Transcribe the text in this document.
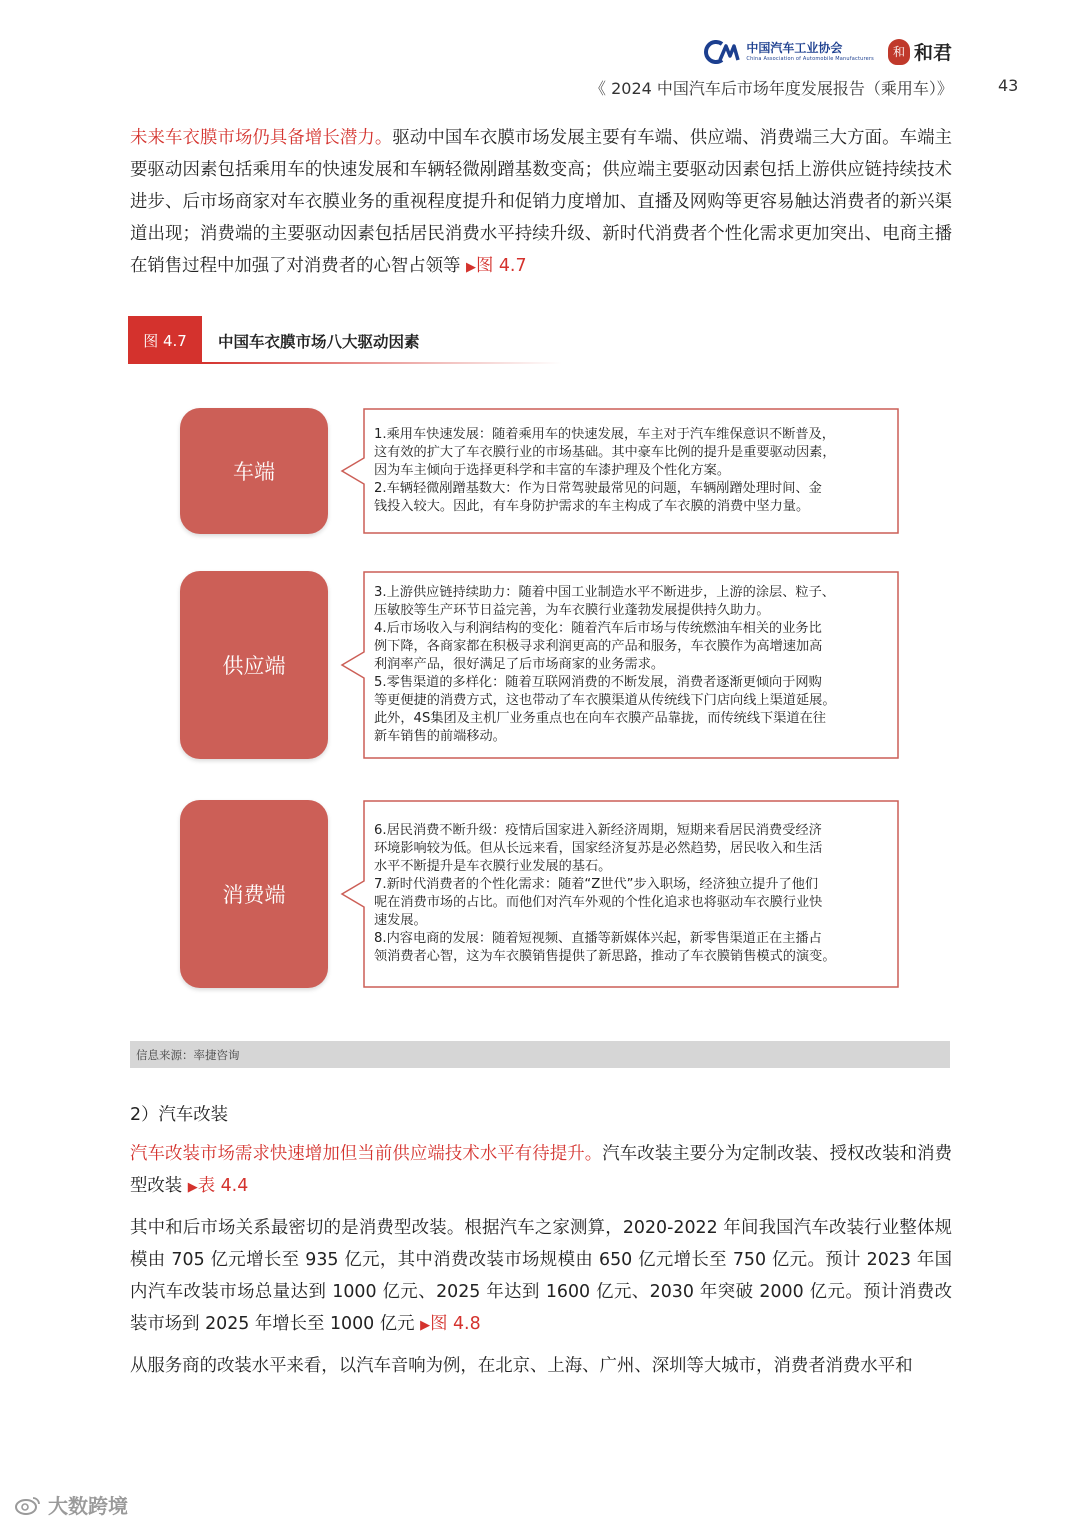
中国汽车工业协会
China Association of Automobile Manufacturers	和 和君
《 2024 中国汽车后市场年度发展报告（乘用车）》	43
未来车衣膜市场仍具备增长潜力。驱动中国车衣膜市场发展主要有车端、供应端、消费端三大方面。车端主要驱动因素包括乘用车的快速发展和车辆轻微剐蹭基数变高；供应端主要驱动因素包括上游供应链持续技术进步、后市场商家对车衣膜业务的重视程度提升和促销力度增加、直播及网购等更容易触达消费者的新兴渠道出现；消费端的主要驱动因素包括居民消费水平持续升级、新时代消费者个性化需求更加突出、电商主播在销售过程中加强了对消费者的心智占领等 ▶图 4.7
图 4.7	中国车衣膜市场八大驱动因素
车端
1.乘用车快速发展：随着乘用车的快速发展，车主对于汽车维保意识不断普及，
这有效的扩大了车衣膜行业的市场基础。其中豪车比例的提升是重要驱动因素，
因为车主倾向于选择更科学和丰富的车漆护理及个性化方案。
2.车辆轻微剐蹭基数大：作为日常驾驶最常见的问题，车辆剐蹭处理时间、金
钱投入较大。因此，有车身防护需求的车主构成了车衣膜的消费中坚力量。
供应端
3.上游供应链持续助力：随着中国工业制造水平不断进步，上游的涂层、粒子、
压敏胶等生产环节日益完善，为车衣膜行业蓬勃发展提供持久助力。
4.后市场收入与利润结构的变化：随着汽车后市场与传统燃油车相关的业务比
例下降，各商家都在积极寻求利润更高的产品和服务，车衣膜作为高增速加高
利润率产品，很好满足了后市场商家的业务需求。
5.零售渠道的多样化：随着互联网消费的不断发展，消费者逐渐更倾向于网购
等更便捷的消费方式，这也带动了车衣膜渠道从传统线下门店向线上渠道延展。
此外，4S集团及主机厂业务重点也在向车衣膜产品靠拢，而传统线下渠道在往
新车销售的前端移动。
消费端
6.居民消费不断升级：疫情后国家进入新经济周期，短期来看居民消费受经济
环境影响较为低。但从长远来看，国家经济复苏是必然趋势，居民收入和生活
水平不断提升是车衣膜行业发展的基石。
7.新时代消费者的个性化需求：随着“Z世代”步入职场，经济独立提升了他们
呢在消费市场的占比。而他们对汽车外观的个性化追求也将驱动车衣膜行业快
速发展。
8.内容电商的发展：随着短视频、直播等新媒体兴起，新零售渠道正在主播占
领消费者心智，这为车衣膜销售提供了新思路，推动了车衣膜销售模式的演变。
信息来源：率捷咨询
2）汽车改装
汽车改装市场需求快速增加但当前供应端技术水平有待提升。汽车改装主要分为定制改装、授权改装和消费型改装 ▶表 4.4
其中和后市场关系最密切的是消费型改装。根据汽车之家测算，2020-2022 年间我国汽车改装行业整体规模由 705 亿元增长至 935 亿元，其中消费改装市场规模由 650 亿元增长至 750 亿元。预计 2023 年国内汽车改装市场总量达到 1000 亿元、2025 年达到 1600 亿元、2030 年突破 2000 亿元。预计消费改装市场到 2025 年增长至 1000 亿元 ▶图 4.8
从服务商的改装水平来看，以汽车音响为例，在北京、上海、广州、深圳等大城市，消费者消费水平和
大数跨境
